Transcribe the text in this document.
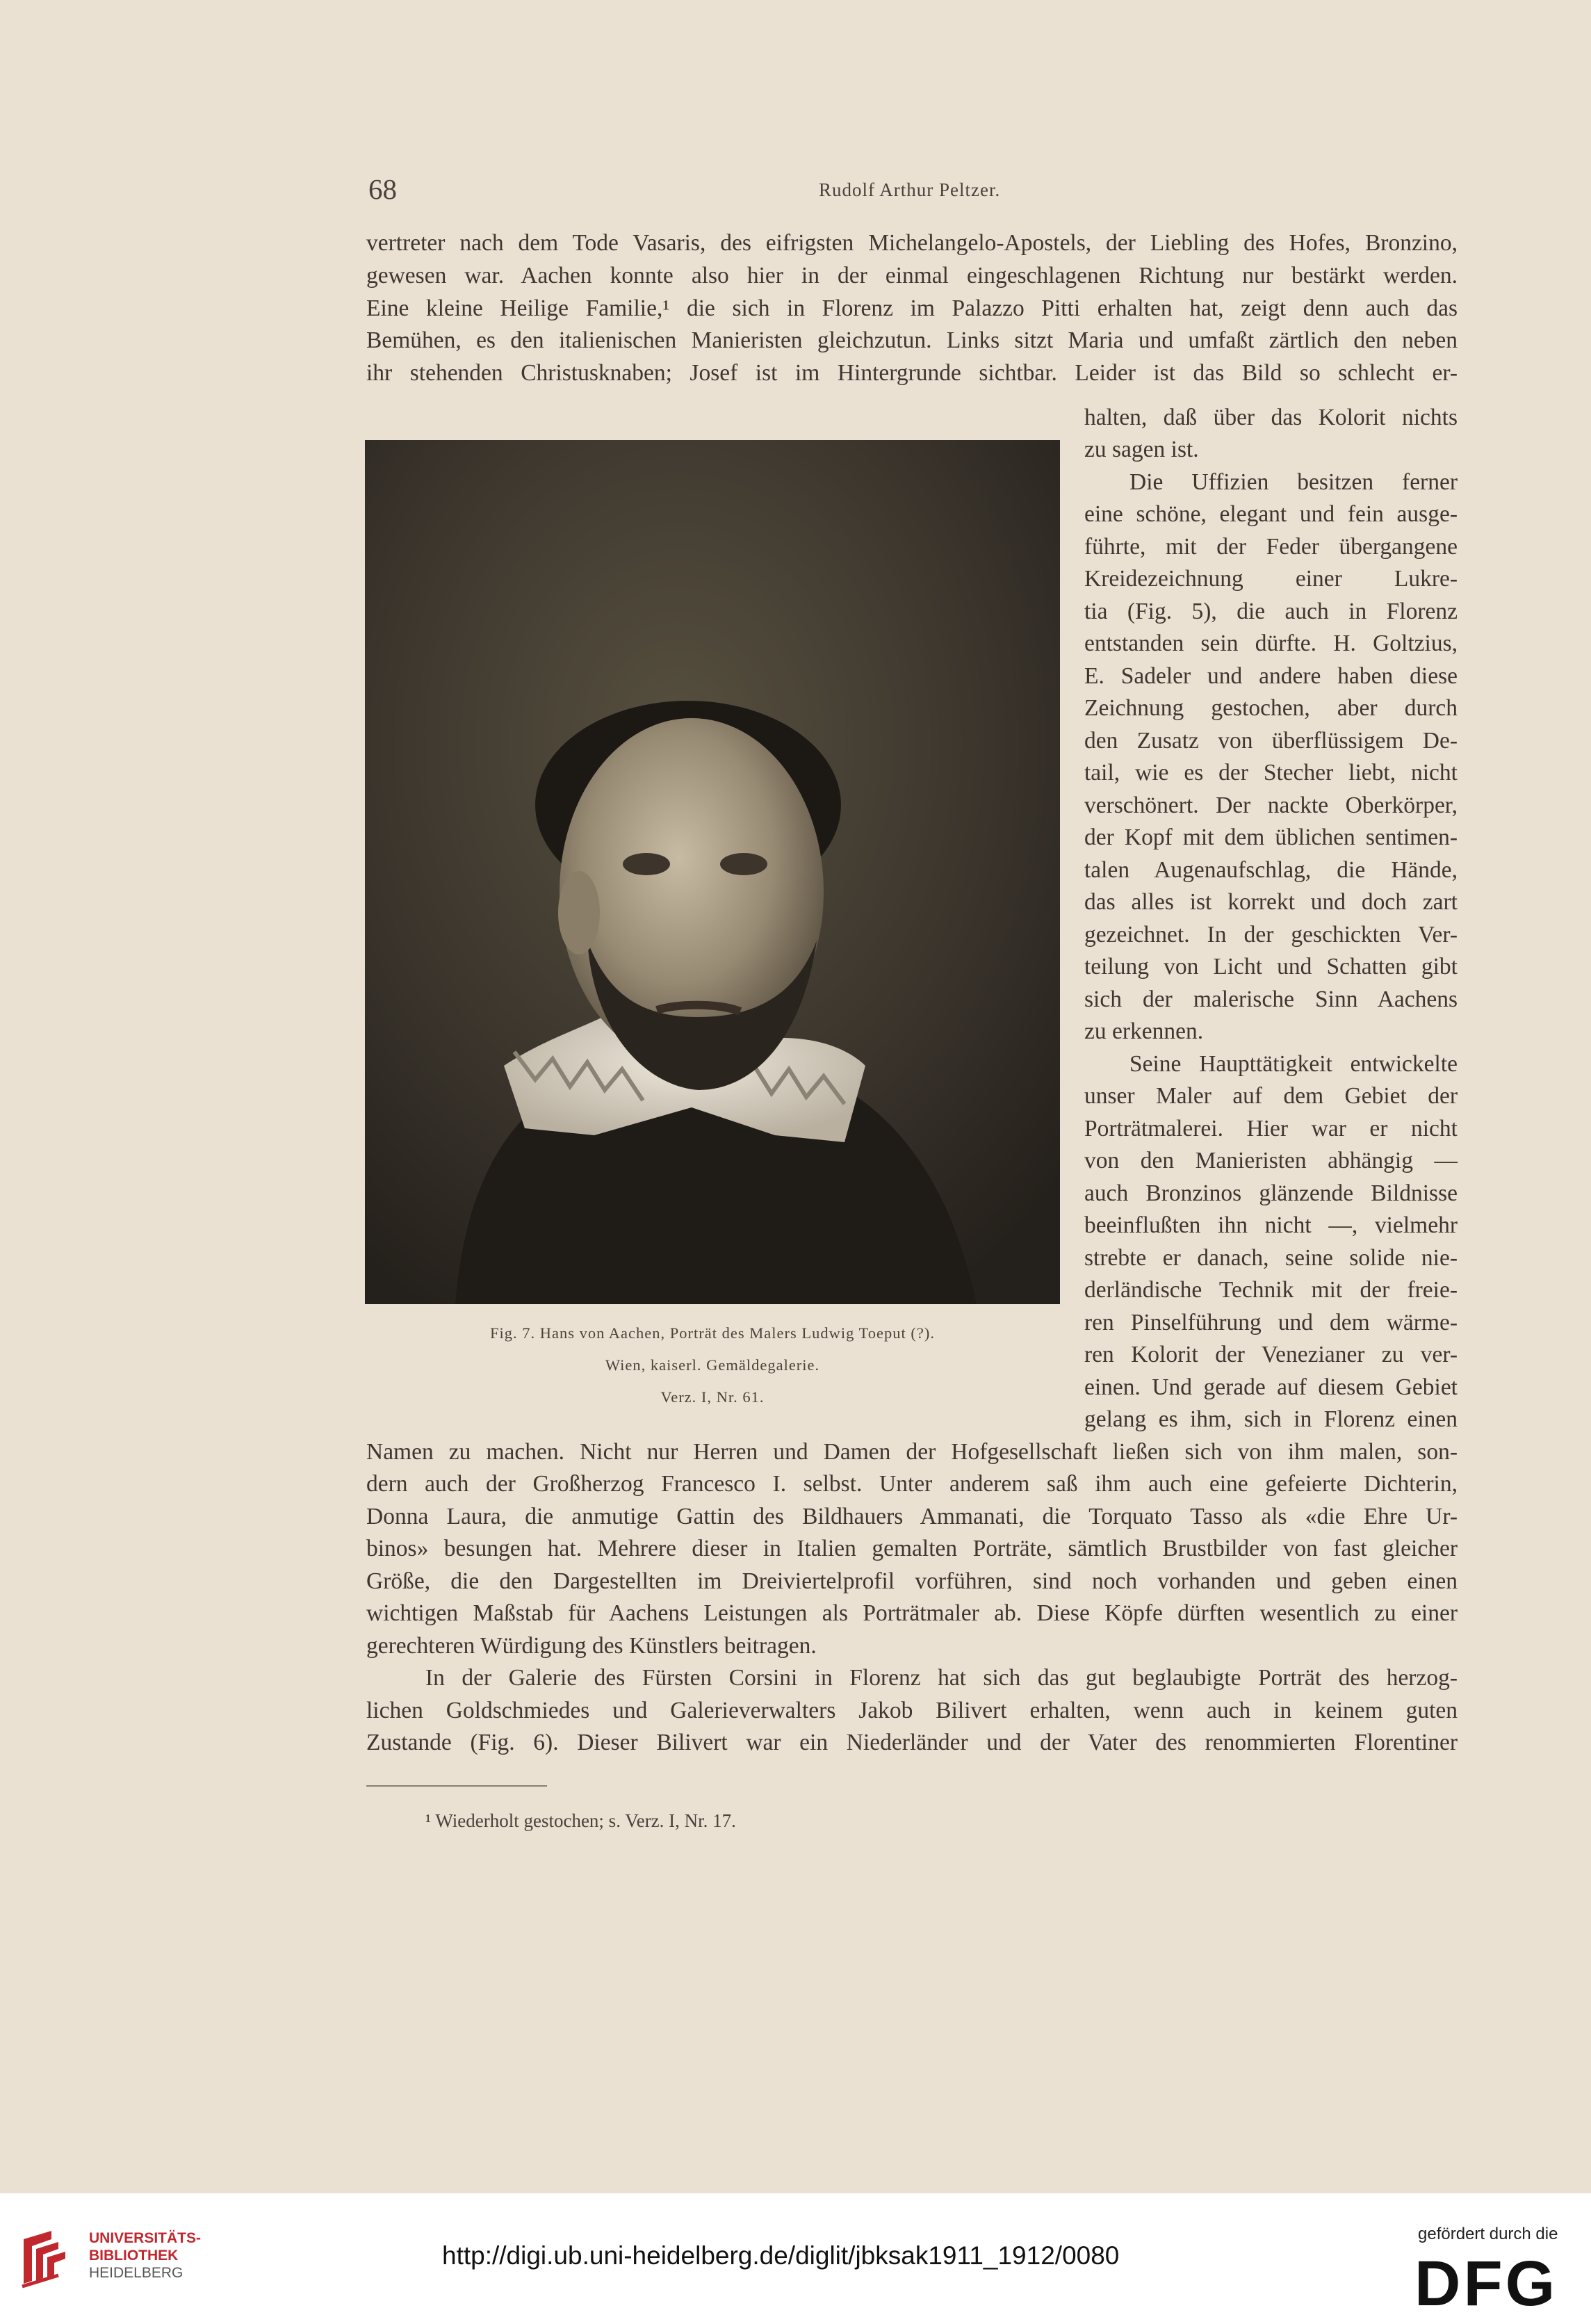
68	Rudolf Arthur Peltzer.
vertreter nach dem Tode Vasaris, des eifrigsten Michelangelo-Apostels, der Liebling des Hofes, Bronzino,
gewesen war. Aachen konnte also hier in der einmal eingeschlagenen Richtung nur bestärkt werden.
Eine kleine Heilige Familie,¹ die sich in Florenz im Palazzo Pitti erhalten hat, zeigt denn auch das
Bemühen, es den italienischen Manieristen gleichzutun. Links sitzt Maria und umfaßt zärtlich den neben
ihr stehenden Christusknaben; Josef ist im Hintergrunde sichtbar. Leider ist das Bild so schlecht er-
Fig. 7. Hans von Aachen, Porträt des Malers Ludwig Toeput (?).
Wien, kaiserl. Gemäldegalerie.
Verz. I, Nr. 61.
halten, daß über das Kolorit nichts
zu sagen ist.
Die Uffizien besitzen ferner
eine schöne, elegant und fein ausge-
führte, mit der Feder übergangene
Kreidezeichnung einer Lukre-
tia (Fig. 5), die auch in Florenz
entstanden sein dürfte. H. Goltzius,
E. Sadeler und andere haben diese
Zeichnung gestochen, aber durch
den Zusatz von überflüssigem De-
tail, wie es der Stecher liebt, nicht
verschönert. Der nackte Oberkörper,
der Kopf mit dem üblichen sentimen-
talen Augenaufschlag, die Hände,
das alles ist korrekt und doch zart
gezeichnet. In der geschickten Ver-
teilung von Licht und Schatten gibt
sich der malerische Sinn Aachens
zu erkennen.
Seine Haupttätigkeit entwickelte
unser Maler auf dem Gebiet der
Porträtmalerei. Hier war er nicht
von den Manieristen abhängig —
auch Bronzinos glänzende Bildnisse
beeinflußten ihn nicht —, vielmehr
strebte er danach, seine solide nie-
derländische Technik mit der freie-
ren Pinselführung und dem wärme-
ren Kolorit der Venezianer zu ver-
einen. Und gerade auf diesem Gebiet
gelang es ihm, sich in Florenz einen
Namen zu machen. Nicht nur Herren und Damen der Hofgesellschaft ließen sich von ihm malen, son-
dern auch der Großherzog Francesco I. selbst. Unter anderem saß ihm auch eine gefeierte Dichterin,
Donna Laura, die anmutige Gattin des Bildhauers Ammanati, die Torquato Tasso als «die Ehre Ur-
binos» besungen hat. Mehrere dieser in Italien gemalten Porträte, sämtlich Brustbilder von fast gleicher
Größe, die den Dargestellten im Dreiviertelprofil vorführen, sind noch vorhanden und geben einen
wichtigen Maßstab für Aachens Leistungen als Porträtmaler ab. Diese Köpfe dürften wesentlich zu einer
gerechteren Würdigung des Künstlers beitragen.
In der Galerie des Fürsten Corsini in Florenz hat sich das gut beglaubigte Porträt des herzog-
lichen Goldschmiedes und Galerieverwalters Jakob Bilivert erhalten, wenn auch in keinem guten
Zustande (Fig. 6). Dieser Bilivert war ein Niederländer und der Vater des renommierten Florentiner
¹ Wiederholt gestochen; s. Verz. I, Nr. 17.
UNIVERSITÄTS-
BIBLIOTHEK
HEIDELBERG
http://digi.ub.uni-heidelberg.de/diglit/jbksak1911_1912/0080
gefördert durch die
DFG
